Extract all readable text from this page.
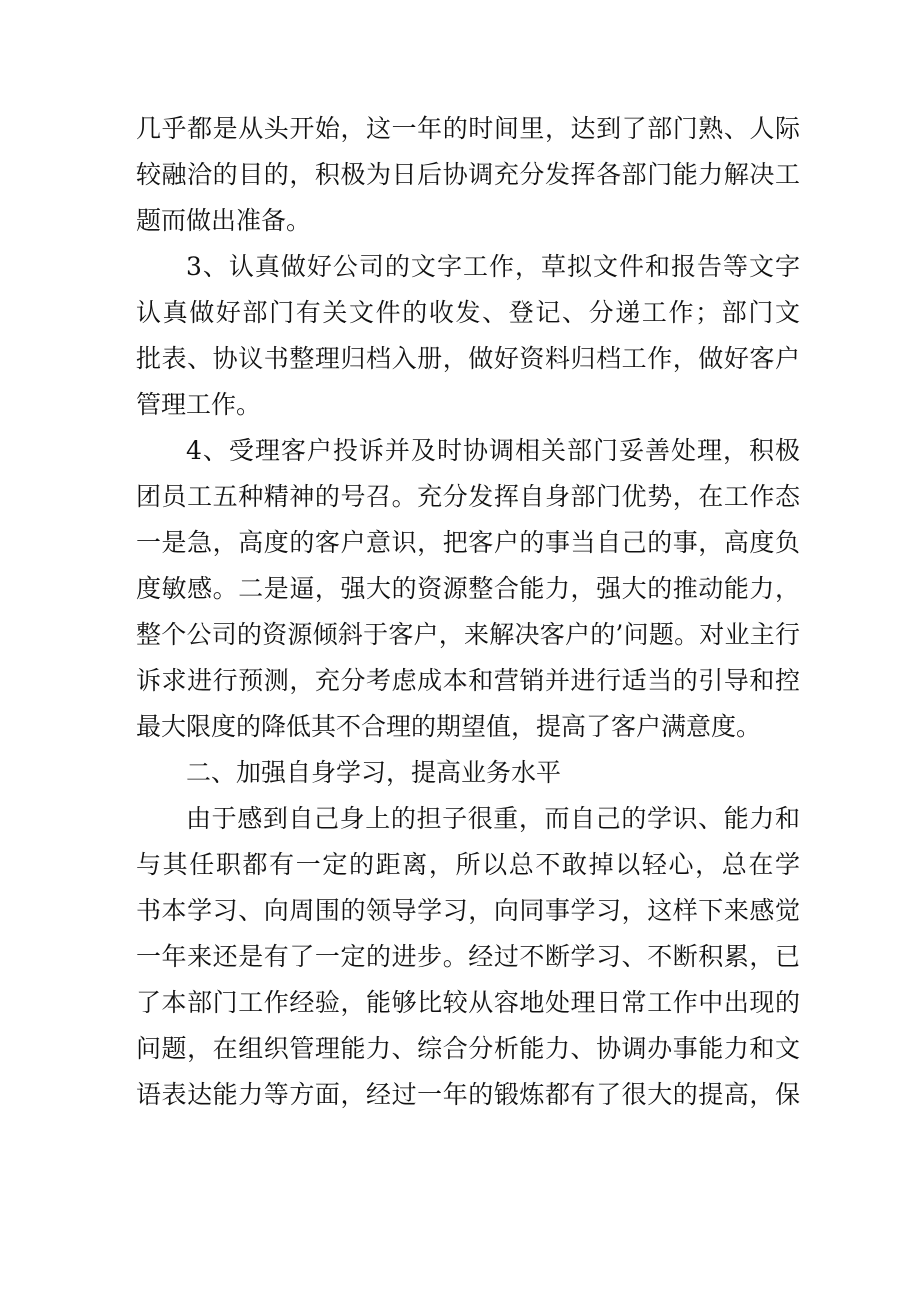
几乎都是从头开始，这一年的时间里，达到了部门熟、人际
较融洽的目的，积极为日后协调充分发挥各部门能力解决工
题而做出准备。
3、认真做好公司的文字工作，草拟文件和报告等文字
认真做好部门有关文件的收发、登记、分递工作；部门文
批表、协议书整理归档入册，做好资料归档工作，做好客户
管理工作。
4、受理客户投诉并及时协调相关部门妥善处理，积极
团员工五种精神的号召。充分发挥自身部门优势，在工作态
一是急，高度的客户意识，把客户的事当自己的事，高度负
度敏感。二是逼，强大的资源整合能力，强大的推动能力，
整个公司的资源倾斜于客户，来解决客户的’问题。对业主行
诉求进行预测，充分考虑成本和营销并进行适当的引导和控
最大限度的降低其不合理的期望值，提高了客户满意度。
二、加强自身学习，提高业务水平
由于感到自己身上的担子很重，而自己的学识、能力和
与其任职都有一定的距离，所以总不敢掉以轻心，总在学
书本学习、向周围的领导学习，向同事学习，这样下来感觉
一年来还是有了一定的进步。经过不断学习、不断积累，已
了本部门工作经验，能够比较从容地处理日常工作中出现的
问题，在组织管理能力、综合分析能力、协调办事能力和文
语表达能力等方面，经过一年的锻炼都有了很大的提高，保
